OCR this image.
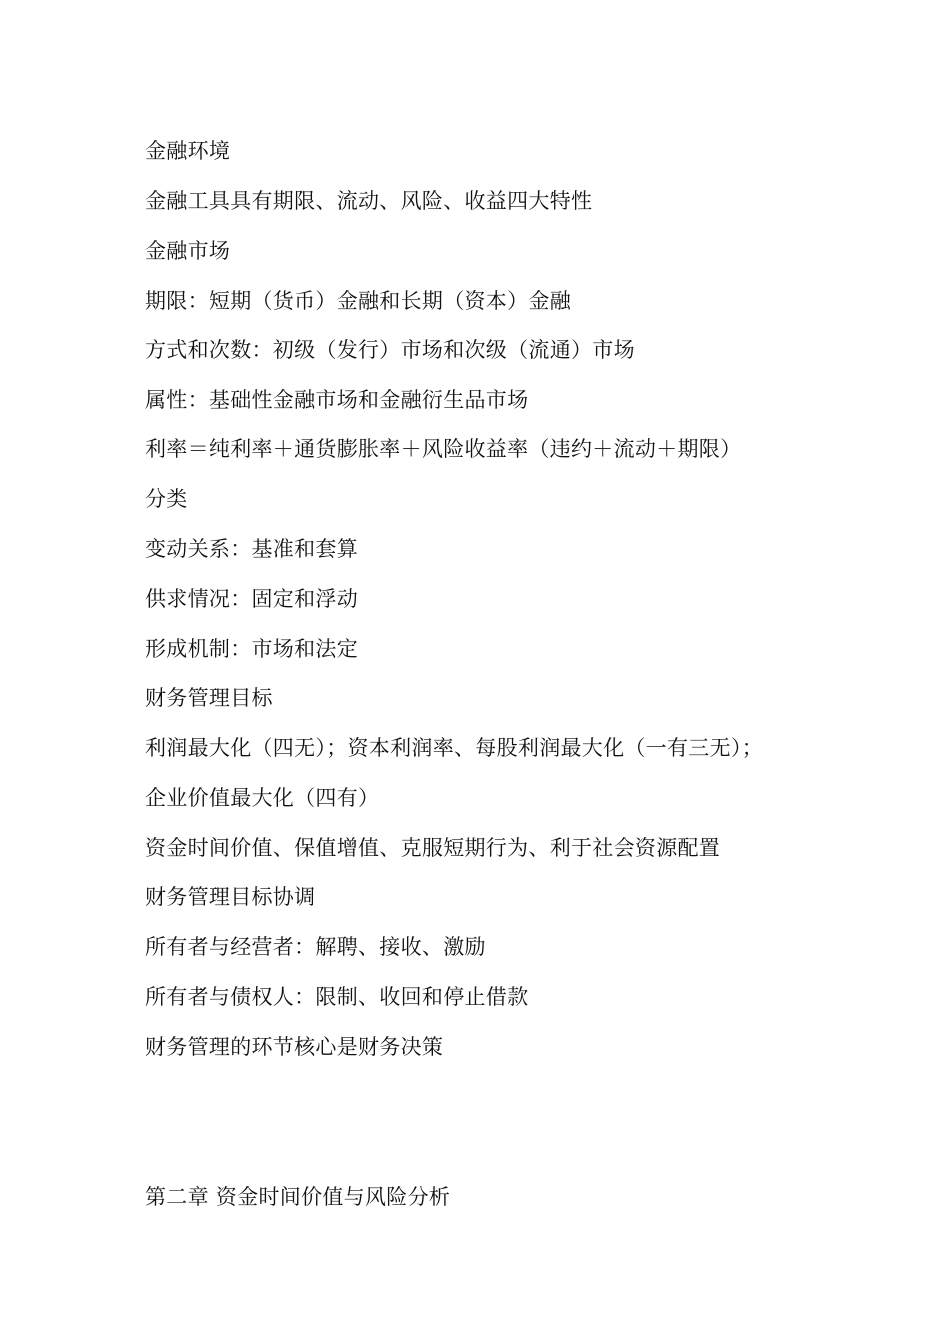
金融环境
金融工具具有期限、流动、风险、收益四大特性
金融市场
期限：短期（货币）金融和长期（资本）金融
方式和次数：初级（发行）市场和次级（流通）市场
属性：基础性金融市场和金融衍生品市场
利率＝纯利率＋通货膨胀率＋风险收益率（违约＋流动＋期限）
分类
变动关系：基准和套算
供求情况：固定和浮动
形成机制：市场和法定
财务管理目标
利润最大化（四无）；资本利润率、每股利润最大化（一有三无）；
企业价值最大化（四有）
资金时间价值、保值增值、克服短期行为、利于社会资源配置
财务管理目标协调
所有者与经营者：解聘、接收、激励
所有者与债权人：限制、收回和停止借款
财务管理的环节核心是财务决策
第二章 资金时间价值与风险分析
